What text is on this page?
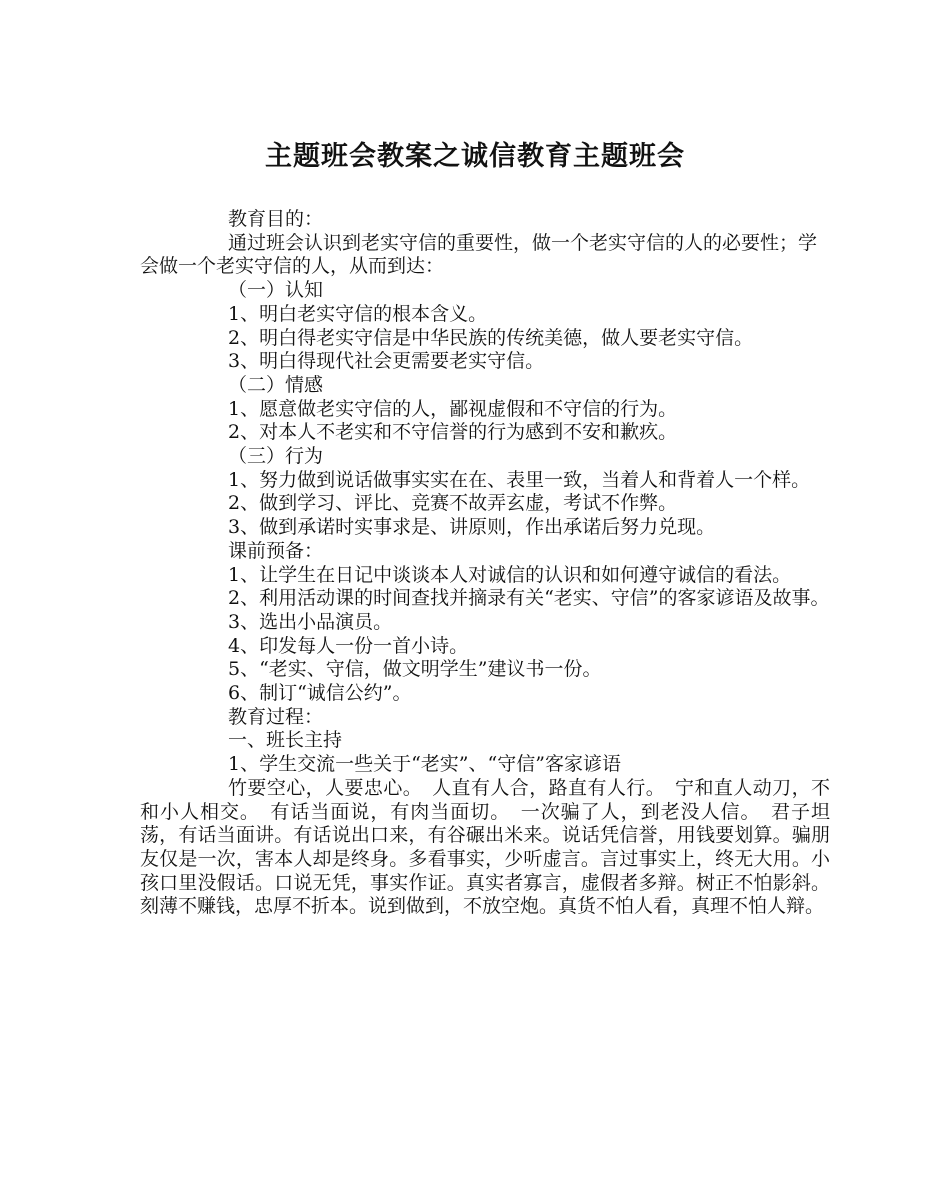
主题班会教案之诚信教育主题班会

教育目的：

通过班会认识到老实守信的重要性，做一个老实守信的人的必要性；学会做一个老实守信的人，从而到达：

（一）认知

1、明白老实守信的根本含义。

2、明白得老实守信是中华民族的传统美德，做人要老实守信。

3、明白得现代社会更需要老实守信。

（二）情感

1、愿意做老实守信的人，鄙视虚假和不守信的行为。

2、对本人不老实和不守信誉的行为感到不安和歉疚。

（三）行为

1、努力做到说话做事实实在在、表里一致，当着人和背着人一个样。

2、做到学习、评比、竞赛不故弄玄虚，考试不作弊。

3、做到承诺时实事求是、讲原则，作出承诺后努力兑现。

课前预备：

1、让学生在日记中谈谈本人对诚信的认识和如何遵守诚信的看法。

2、利用活动课的时间查找并摘录有关“老实、守信”的客家谚语及故事。

3、选出小品演员。

4、印发每人一份一首小诗。

5、“老实、守信，做文明学生”建议书一份。

6、制订“诚信公约”。

教育过程：

一、班长主持

1、学生交流一些关于“老实”、“守信”客家谚语

竹要空心，人要忠心。　人直有人合，路直有人行。　宁和直人动刀，不和小人相交。　有话当面说，有肉当面切。　一次骗了人，到老没人信。　君子坦荡，有话当面讲。有话说出口来，有谷碾出米来。说话凭信誉，用钱要划算。骗朋友仅是一次，害本人却是终身。多看事实，少听虚言。言过事实上，终无大用。小孩口里没假话。口说无凭，事实作证。真实者寡言，虚假者多辩。树正不怕影斜。刻薄不赚钱，忠厚不折本。说到做到，不放空炮。真货不怕人看，真理不怕人辩。
